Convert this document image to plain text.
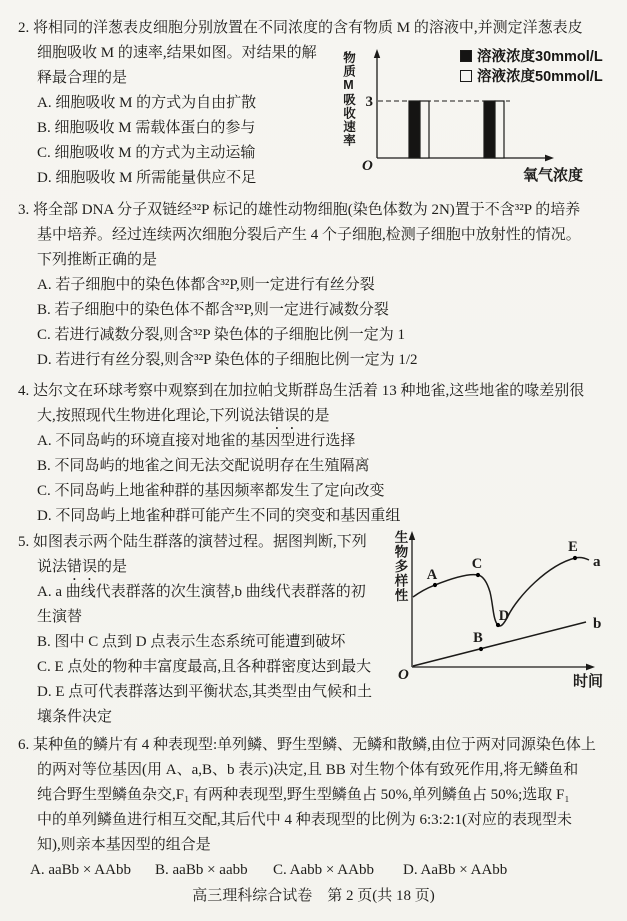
2. 将相同的洋葱表皮细胞分别放置在不同浓度的含有物质 M 的溶液中,并测定洋葱表皮
细胞吸收 M 的速率,结果如图。对结果的解
释最合理的是
A. 细胞吸收 M 的方式为自由扩散
B. 细胞吸收 M 需载体蛋白的参与
C. 细胞吸收 M 的方式为主动运输
D. 细胞吸收 M 所需能量供应不足
3
O
氧气浓度
溶液浓度30mmol/L
溶液浓度50mmol/L
物质M吸收速率
3. 将全部 DNA 分子双链经³²P 标记的雄性动物细胞(染色体数为 2N)置于不含³²P 的培养
基中培养。经过连续两次细胞分裂后产生 4 个子细胞,检测子细胞中放射性的情况。
下列推断正确的是
A. 若子细胞中的染色体都含³²P,则一定进行有丝分裂
B. 若子细胞中的染色体不都含³²P,则一定进行减数分裂
C. 若进行减数分裂,则含³²P 染色体的子细胞比例一定为 1
D. 若进行有丝分裂,则含³²P 染色体的子细胞比例一定为 1/2
4. 达尔文在环球考察中观察到在加拉帕戈斯群岛生活着 13 种地雀,这些地雀的喙差别很
大,按照现代生物进化理论,下列说法错误的是
A. 不同岛屿的环境直接对地雀的基因型进行选择
B. 不同岛屿的地雀之间无法交配说明存在生殖隔离
C. 不同岛屿上地雀种群的基因频率都发生了定向改变
D. 不同岛屿上地雀种群可能产生不同的突变和基因重组
5. 如图表示两个陆生群落的演替过程。据图判断,下列
说法错误的是
A. a 曲线代表群落的次生演替,b 曲线代表群落的初
生演替
B. 图中 C 点到 D 点表示生态系统可能遭到破坏
C. E 点处的物种丰富度最高,且各种群密度达到最大
D. E 点可代表群落达到平衡状态,其类型由气候和土
壤条件决定
A
C
D
E
B
a
b
O	时间
生物多样性
6. 某种鱼的鳞片有 4 种表现型:单列鳞、野生型鳞、无鳞和散鳞,由位于两对同源染色体上
的两对等位基因(用 A、a,B、b 表示)决定,且 BB 对生物个体有致死作用,将无鳞鱼和
纯合野生型鳞鱼杂交,F₁ 有两种表现型,野生型鳞鱼占 50%,单列鳞鱼占 50%;选取 F₁
中的单列鳞鱼进行相互交配,其后代中 4 种表现型的比例为 6:3:2:1(对应的表现型未
知),则亲本基因型的组合是
A. aaBb × AAbb B. aaBb × aabb C. Aabb × AAbb D. AaBb × AAbb
高三理科综合试卷　第 2 页(共 18 页)
